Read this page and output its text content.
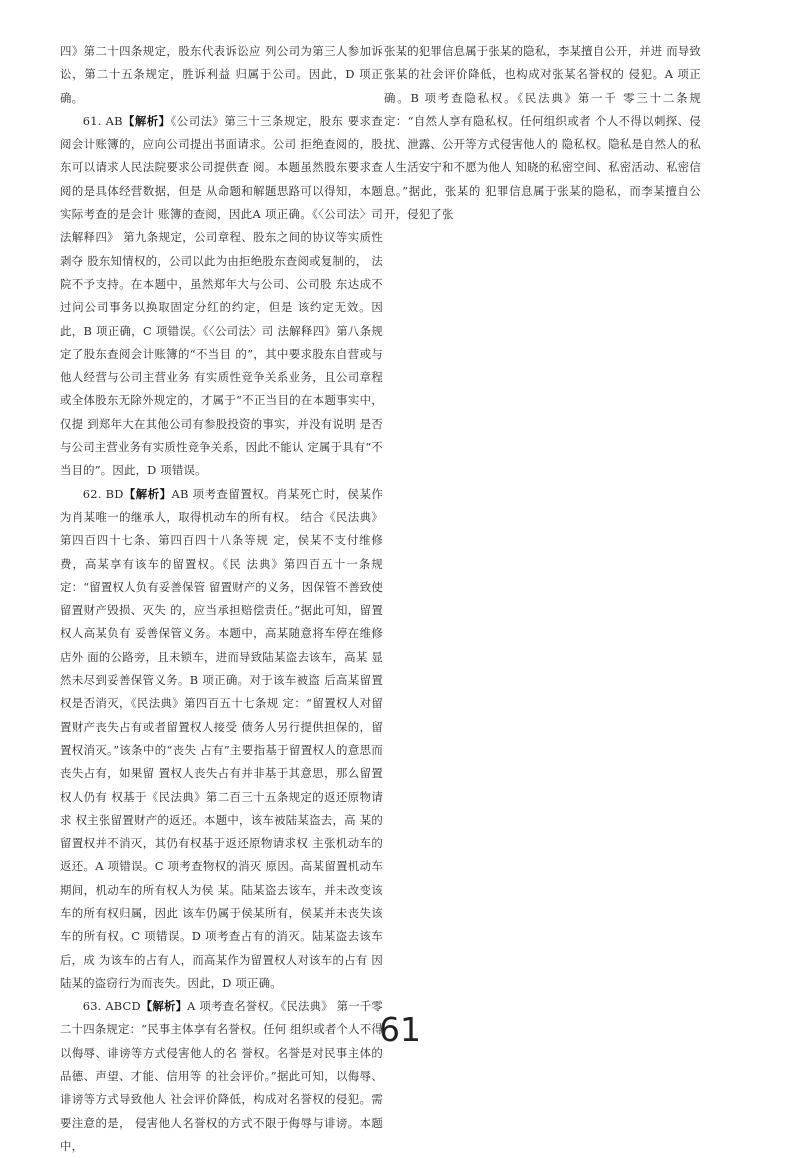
四》第二十四条规定，股东代表诉讼应 列公司为第三人参加诉讼，第二十五条规定，胜诉利益 归属于公司。因此，D 项正确。

61. AB【解析】《公司法》第三十三条规定，股东 要求查阅会计账簿的，应向公司提出书面请求。公司 拒绝查阅的，股东可以请求人民法院要求公司提供查 阅。本题虽然股东要求查阅的是具体经营数据，但是 从命题和解题思路可以得知，本题实际考查的是会计 账簿的查阅，因此A 项正确。《〈公司法〉司法解释四》 第九条规定，公司章程、股东之间的协议等实质性剥夺 股东知情权的，公司以此为由拒绝股东查阅或复制的， 法院不予支持。在本题中，虽然郑年大与公司、公司股 东达成不过问公司事务以换取固定分红的约定，但是 该约定无效。因此，B 项正确，C 项错误。《〈公司法〉司 法解释四》第八条规定了股东查阅会计账簿的“不当目 的”，其中要求股东自营或与他人经营与公司主营业务 有实质性竞争关系业务，且公司章程或全体股东无除外规定的，才属于“不正当目的在本题事实中，仅提 到郑年大在其他公司有参股投资的事实，并没有说明 是否与公司主营业务有实质性竞争关系，因此不能认 定属于具有“不当目的”。因此，D 项错误。

62. BD【解析】AB 项考查留置权。肖某死亡时，侯某作为肖某唯一的继承人，取得机动车的所有权。 结合《民法典》第四百四十七条、第四百四十八条等规 定，侯某不支付维修费，高某享有该车的留置权。《民 法典》第四百五十一条规定：“留置权人负有妥善保管 留置财产的义务，因保管不善致使留置财产毁损、灭失 的，应当承担赔偿责任。”据此可知，留置权人高某负有 妥善保管义务。本题中，高某随意将车停在维修店外 面的公路旁，且未锁车，进而导致陆某盗去该车，高某 显然未尽到妥善保管义务。B 项正确。对于该车被盗 后高某留置权是否消灭，《民法典》第四百五十七条规 定：“留置权人对留置财产丧失占有或者留置权人接受 债务人另行提供担保的，留置权消灭。”该条中的“丧失 占有”主要指基于留置权人的意思而丧失占有，如果留 置权人丧失占有并非基于其意思，那么留置权人仍有 权基于《民法典》第二百三十五条规定的返还原物请求 权主张留置财产的返还。本题中，该车被陆某盗去，高 某的留置权并不消灭，其仍有权基于返还原物请求权 主张机动车的返还。A 项错误。C 项考查物权的消灭 原因。高某留置机动车期间，机动车的所有权人为侯 某。陆某盗去该车，并未改变该车的所有权归属，因此 该车仍属于侯某所有，侯某并未丧失该车的所有权。C 项错误。D 项考查占有的消灭。陆某盗去该车后，成 为该车的占有人，而高某作为留置权人对该车的占有 因陆某的盗窃行为而丧失。因此，D 项正确。

63. ABCD【解析】A 项考查名誉权。《民法典》 第一千零二十四条规定：“民事主体享有名誉权。任何 组织或者个人不得以侮辱、诽谤等方式侵害他人的名 誉权。名誉是对民事主体的品德、声望、才能、信用等 的社会评价。”据此可知，以侮辱、诽谤等方式导致他人 社会评价降低，构成对名誉权的侵犯。需要注意的是， 侵害他人名誉权的方式不限于侮辱与诽谤。本题中，

张某的犯罪信息属于张某的隐私，李某擅自公开，并进 而导致张某的社会评价降低，也构成对张某名誉权的 侵犯。A 项正确。B 项考查隐私权。《民法典》第一千 零三十二条规定：“自然人享有隐私权。任何组织或者 个人不得以刺探、侵扰、泄露、公开等方式侵害他人的 隐私权。隐私是自然人的私人生活安宁和不愿为他人 知晓的私密空间、私密活动、私密信息。”据此，张某的 犯罪信息属于张某的隐私，而李某擅自公开，侵犯了张

61
